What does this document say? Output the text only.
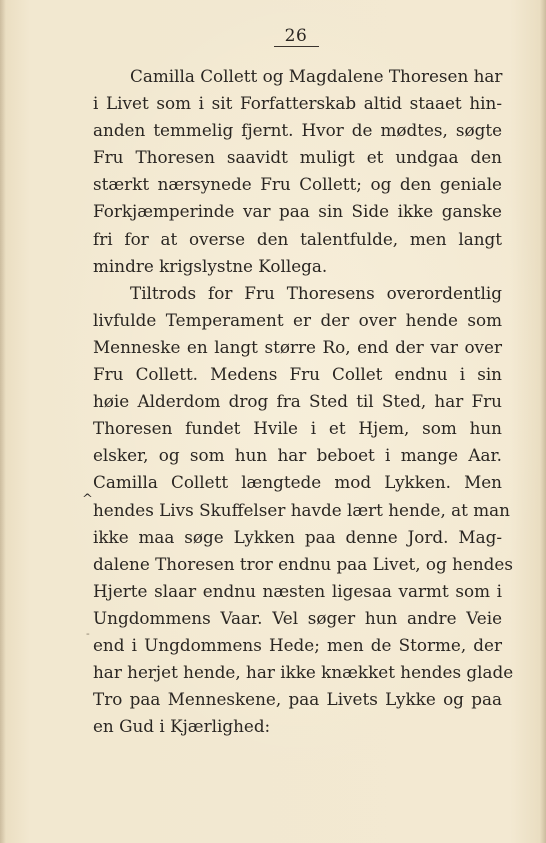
26
^
-
Camilla Collett og Magdalene Thoresen har
i Livet som i sit Forfatterskab altid staaet hin-
anden temmelig fjernt. Hvor de mødtes, søgte
Fru Thoresen saavidt muligt et undgaa den
stærkt nærsynede Fru Collett; og den geniale
Forkjæmperinde var paa sin Side ikke ganske
fri for at overse den talentfulde, men langt
mindre krigslystne Kollega.
Tiltrods for Fru Thoresens overordentlig
livfulde Temperament er der over hende som
Menneske en langt større Ro, end der var over
Fru Collett. Medens Fru Collet endnu i sin
høie Alderdom drog fra Sted til Sted, har Fru
Thoresen fundet Hvile i et Hjem, som hun
elsker, og som hun har beboet i mange Aar.
Camilla Collett længtede mod Lykken. Men
hendes Livs Skuffelser havde lært hende, at man
ikke maa søge Lykken paa denne Jord. Mag-
dalene Thoresen tror endnu paa Livet, og hendes
Hjerte slaar endnu næsten ligesaa varmt som i
Ungdommens Vaar. Vel søger hun andre Veie
end i Ungdommens Hede; men de Storme, der
har herjet hende, har ikke knækket hendes glade
Tro paa Menneskene, paa Livets Lykke og paa
en Gud i Kjærlighed:
